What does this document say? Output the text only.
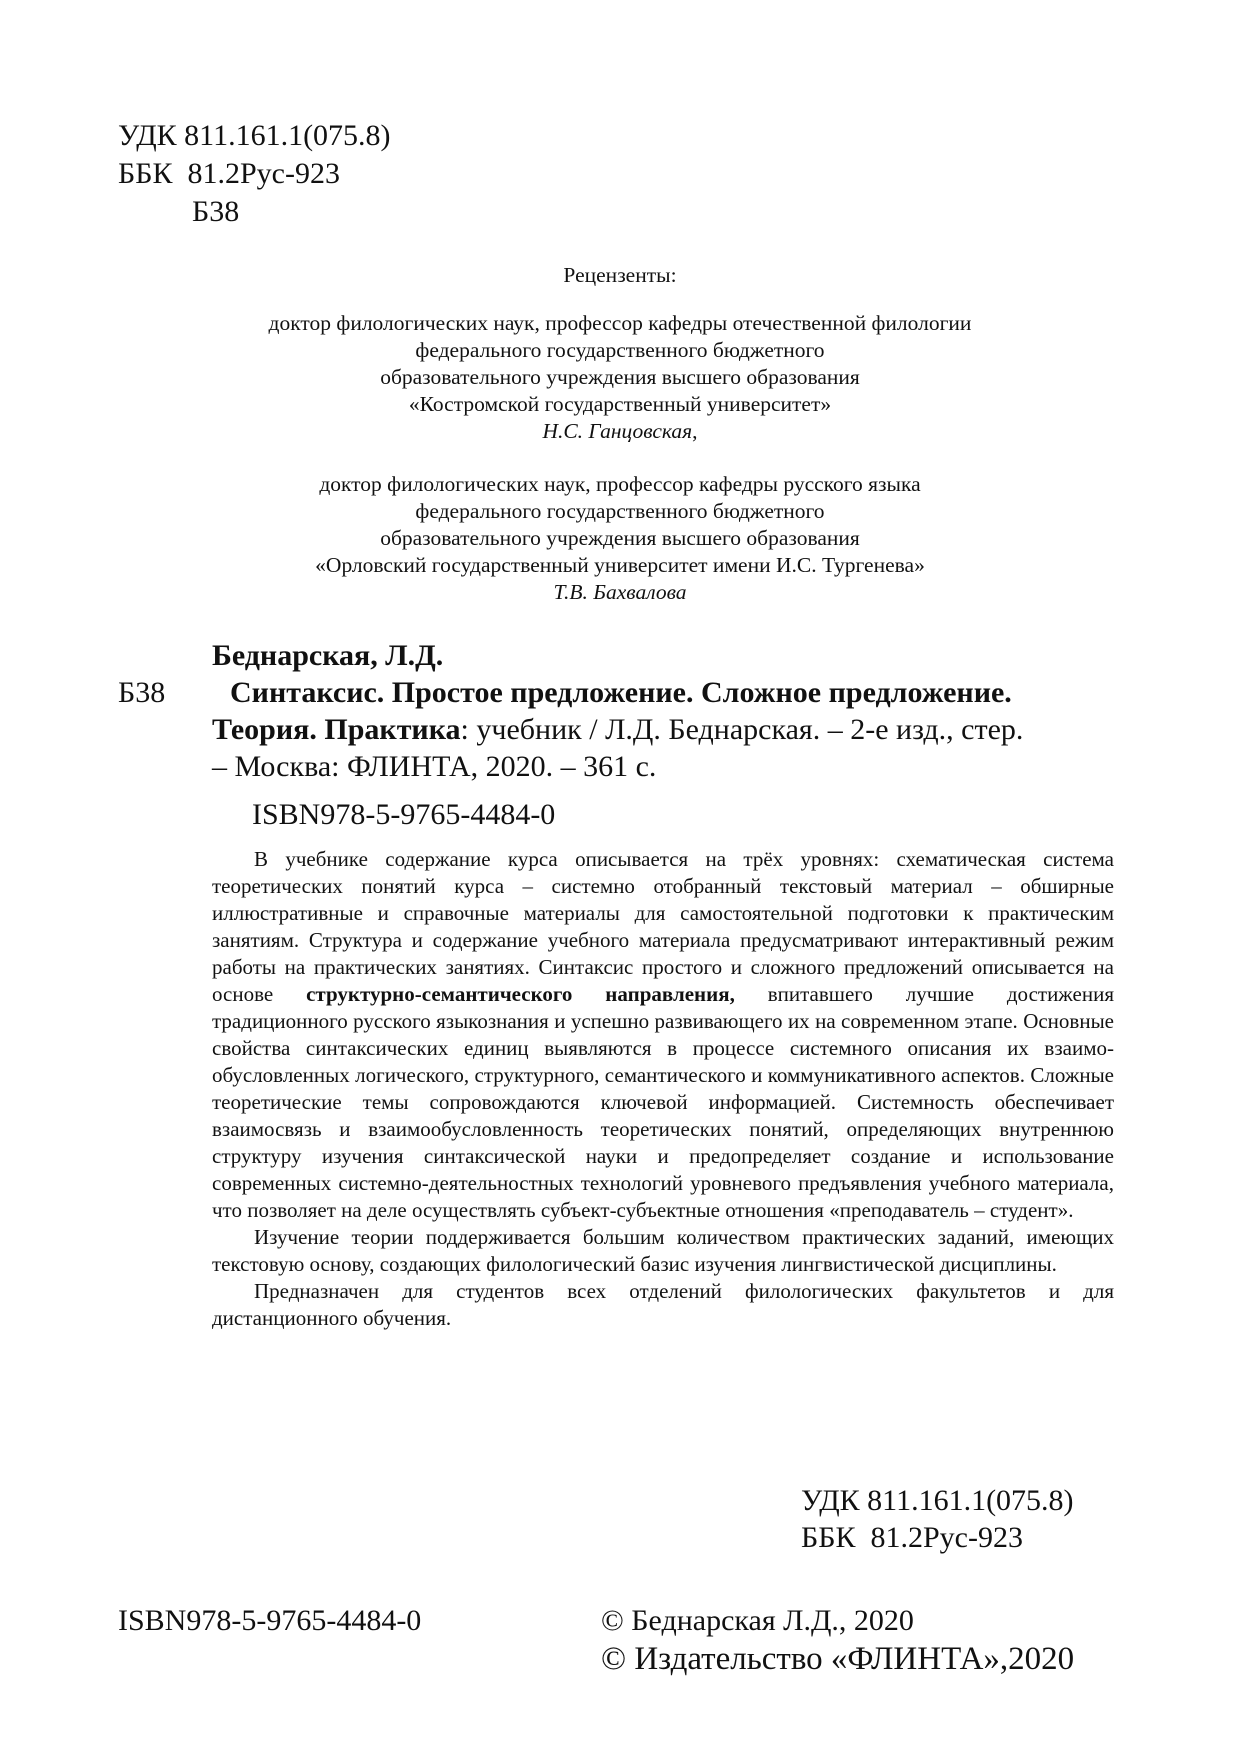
УДК 811.161.1(075.8)
ББК  81.2Рус-923
Б38
Рецензенты:
доктор филологических наук, профессор кафедры отечественной филологии
федерального государственного бюджетного
образовательного учреждения высшего образования
«Костромской государственный университет»
Н.С. Ганцовская,
доктор филологических наук, профессор кафедры русского языка
федерального государственного бюджетного
образовательного учреждения высшего образования
«Орловский государственный университет имени И.С. Тургенева»
Т.В. Бахвалова
Беднарская, Л.Д.
Б38 Синтаксис. Простое предложение. Сложное предложение.
Теория. Практика: учебник / Л.Д. Беднарская. – 2-е изд., стер.
– Москва: ФЛИНТА, 2020. – 361 с.
ISBN978-5-9765-4484-0

В учебнике содержание курса описывается на трёх уровнях: схематическая система теоретических понятий курса – системно отобранный текстовый материал – обширные иллюстративные и справочные материалы для самостоятельной подготовки к практическим занятиям. Структура и содержание учебного материала предусматривают интерактивный режим работы на практических занятиях. Синтаксис простого и сложного предложений описывается на основе структурно-семантического направления, впитавшего лучшие достижения традиционного русского языкознания и успешно развивающего их на современном этапе. Основные свойства синтаксических единиц выявляются в процессе системного описания их взаимообусловленных логического, структурного, семантического и коммуникативного аспектов. Сложные теоретические темы сопровождаются ключевой информацией. Системность обеспечивает взаимосвязь и взаимообусловленность теоретических понятий, определяющих внутреннюю структуру изучения синтаксической науки и предопределяет создание и использование современных системно-деятельностных технологий уровневого предъявления учебного материала, что позволяет на деле осуществлять субъект-субъектные отношения «преподаватель – студент».

Изучение теории поддерживается большим количеством практических заданий, имеющих текстовую основу, создающих филологический базис изучения лингвистической дисциплины.

Предназначен для студентов всех отделений филологических факультетов и для дистанционного обучения.

УДК 811.161.1(075.8)
ББК  81.2Рус-923
ISBN978-5-9765-4484-0	© Беднарская Л.Д., 2020
© Издательство «ФЛИНТА»,2020
